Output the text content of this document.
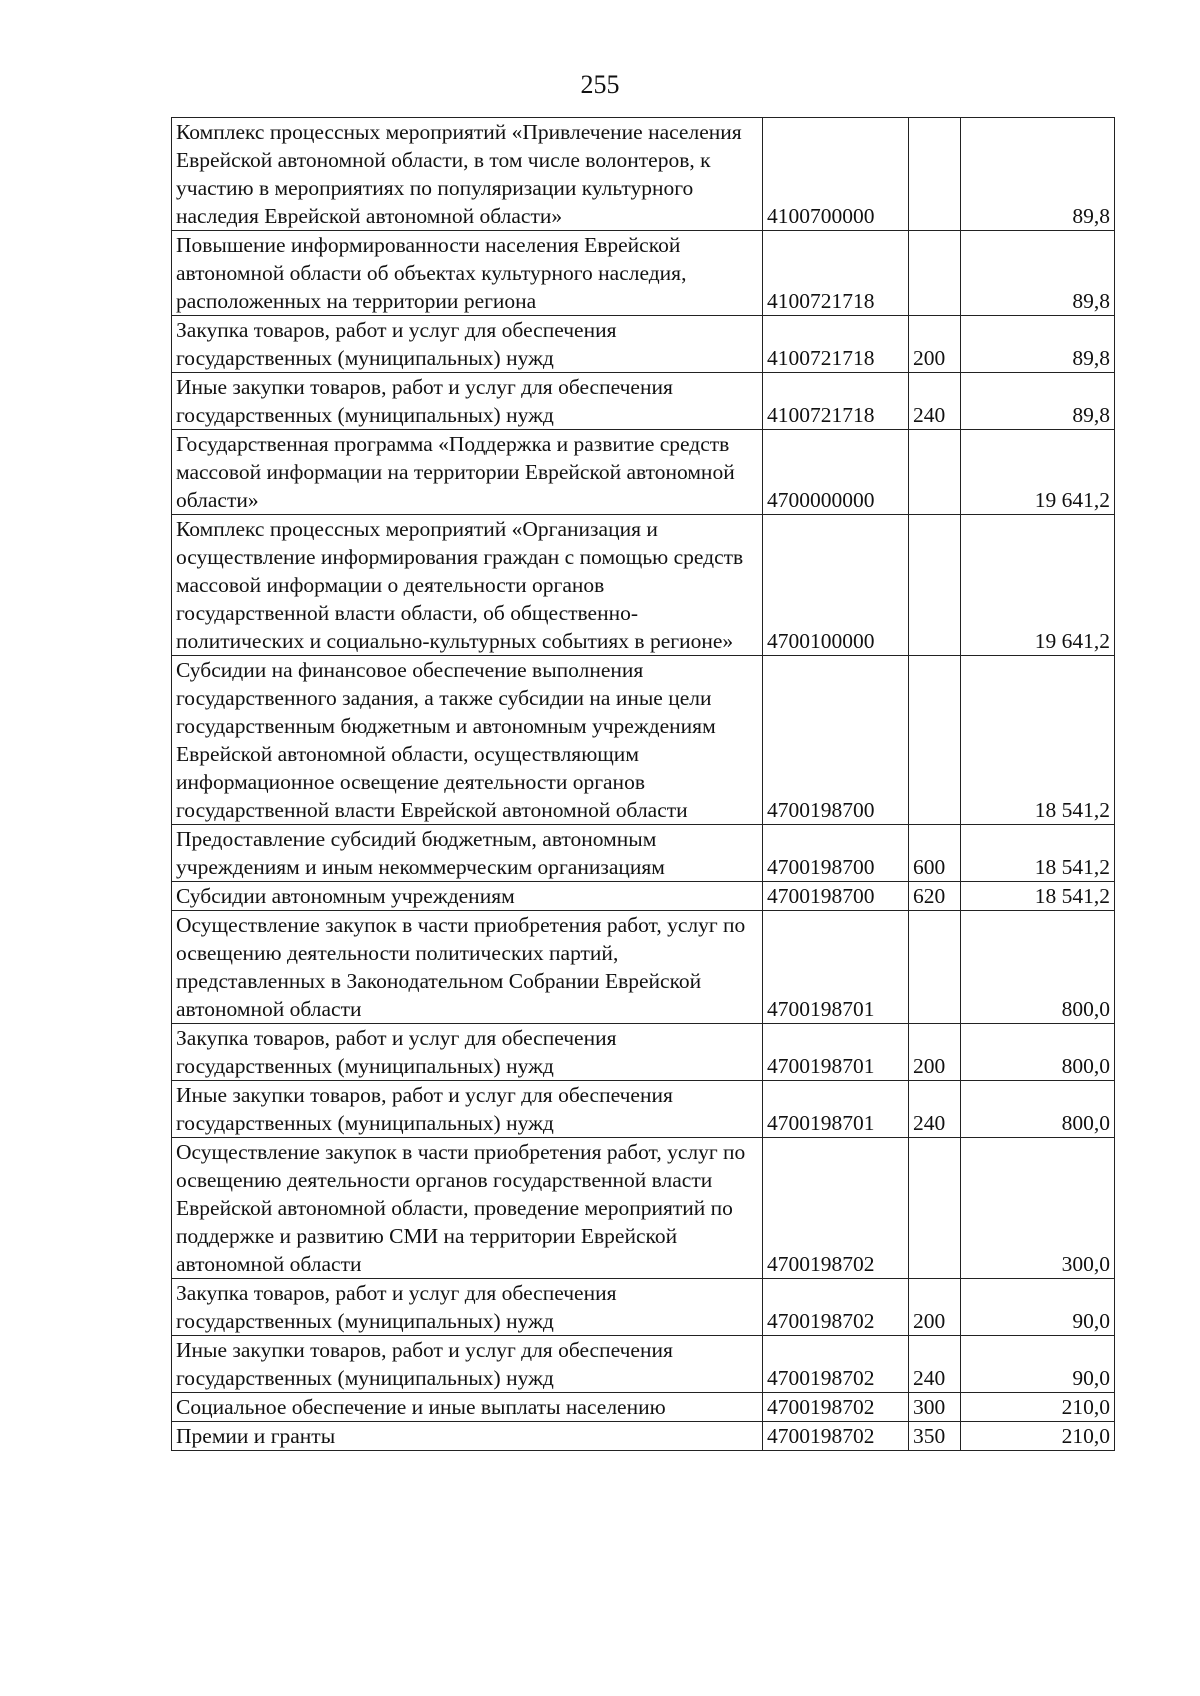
255
Комплекс процессных мероприятий «Привлечение населения Еврейской автономной области, в том числе волонтеров, к участию в мероприятиях по популяризации культурного наследия Еврейской автономной области»	4100700000		89,8
Повышение информированности населения Еврейской автономной области об объектах культурного наследия, расположенных на территории региона	4100721718		89,8
Закупка товаров, работ и услуг для обеспечения государственных (муниципальных) нужд	4100721718	200	89,8
Иные закупки товаров, работ и услуг для обеспечения государственных (муниципальных) нужд	4100721718	240	89,8
Государственная программа «Поддержка и развитие средств массовой информации на территории Еврейской автономной области»	4700000000		19 641,2
Комплекс процессных мероприятий «Организация и осуществление информирования граждан с помощью средств массовой информации о деятельности органов государственной власти области, об общественно-политических и социально-культурных событиях в регионе»	4700100000		19 641,2
Субсидии на финансовое обеспечение выполнения государственного задания, а также субсидии на иные цели государственным бюджетным и автономным учреждениям Еврейской автономной области, осуществляющим информационное освещение деятельности органов государственной власти Еврейской автономной области	4700198700		18 541,2
Предоставление субсидий бюджетным, автономным учреждениям и иным некоммерческим организациям	4700198700	600	18 541,2
Субсидии автономным учреждениям	4700198700	620	18 541,2
Осуществление закупок в части приобретения работ, услуг по освещению деятельности политических партий, представленных в Законодательном Собрании Еврейской автономной области	4700198701		800,0
Закупка товаров, работ и услуг для обеспечения государственных (муниципальных) нужд	4700198701	200	800,0
Иные закупки товаров, работ и услуг для обеспечения государственных (муниципальных) нужд	4700198701	240	800,0
Осуществление закупок в части приобретения работ, услуг по освещению деятельности органов государственной власти Еврейской автономной области, проведение мероприятий по поддержке и развитию СМИ на территории Еврейской автономной области	4700198702		300,0
Закупка товаров, работ и услуг для обеспечения государственных (муниципальных) нужд	4700198702	200	90,0
Иные закупки товаров, работ и услуг для обеспечения государственных (муниципальных) нужд	4700198702	240	90,0
Социальное обеспечение и иные выплаты населению	4700198702	300	210,0
Премии и гранты	4700198702	350	210,0
